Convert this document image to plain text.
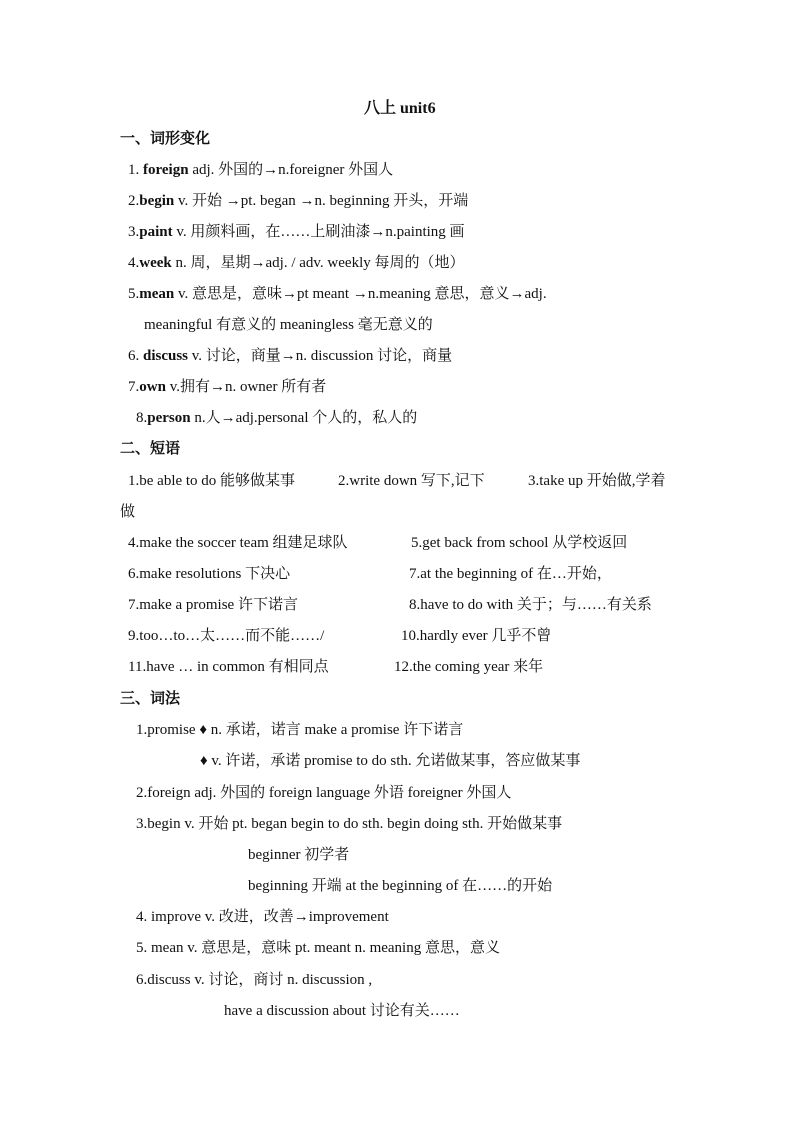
八上 unit6
一、词形变化
1. foreign adj. 外国的→n.foreigner 外国人
2.begin v. 开始 →pt. began →n. beginning 开头，开端
3.paint v. 用颜料画，在……上刷油漆→n.painting 画
4.week n. 周，星期→adj. / adv. weekly 每周的（地）
5.mean v. 意思是，意味→pt meant →n.meaning 意思，意义→adj.
meaningful 有意义的 meaningless 毫无意义的
6. discuss v. 讨论，商量→n. discussion 讨论，商量
7.own v.拥有→n. owner 所有者
8.person n.人→adj.personal 个人的，私人的
二、短语
1.be able to do 能够做某事	2.write down 写下,记下	3.take up 开始做,学着
做
4.make the soccer team 组建足球队	5.get back from school 从学校返回
6.make resolutions 下决心	7.at the beginning of 在…开始，
7.make a promise 许下诺言	8.have to do with 关于；与……有关系
9.too…to…太……而不能……/	10.hardly ever 几乎不曾
11.have … in common 有相同点	12.the coming year 来年
三、词法
1.promise ♦ n. 承诺，诺言 make a promise 许下诺言
♦ v. 许诺，承诺 promise to do sth. 允诺做某事，答应做某事
2.foreign adj. 外国的 foreign language 外语 foreigner 外国人
3.begin v. 开始 pt. began begin to do sth. begin doing sth. 开始做某事
beginner 初学者
beginning 开端 at the beginning of 在……的开始
4. improve v. 改进，改善→improvement
5. mean v. 意思是，意味 pt. meant n. meaning 意思，意义
6.discuss v. 讨论，商讨 n. discussion ,
have a discussion about 讨论有关……
